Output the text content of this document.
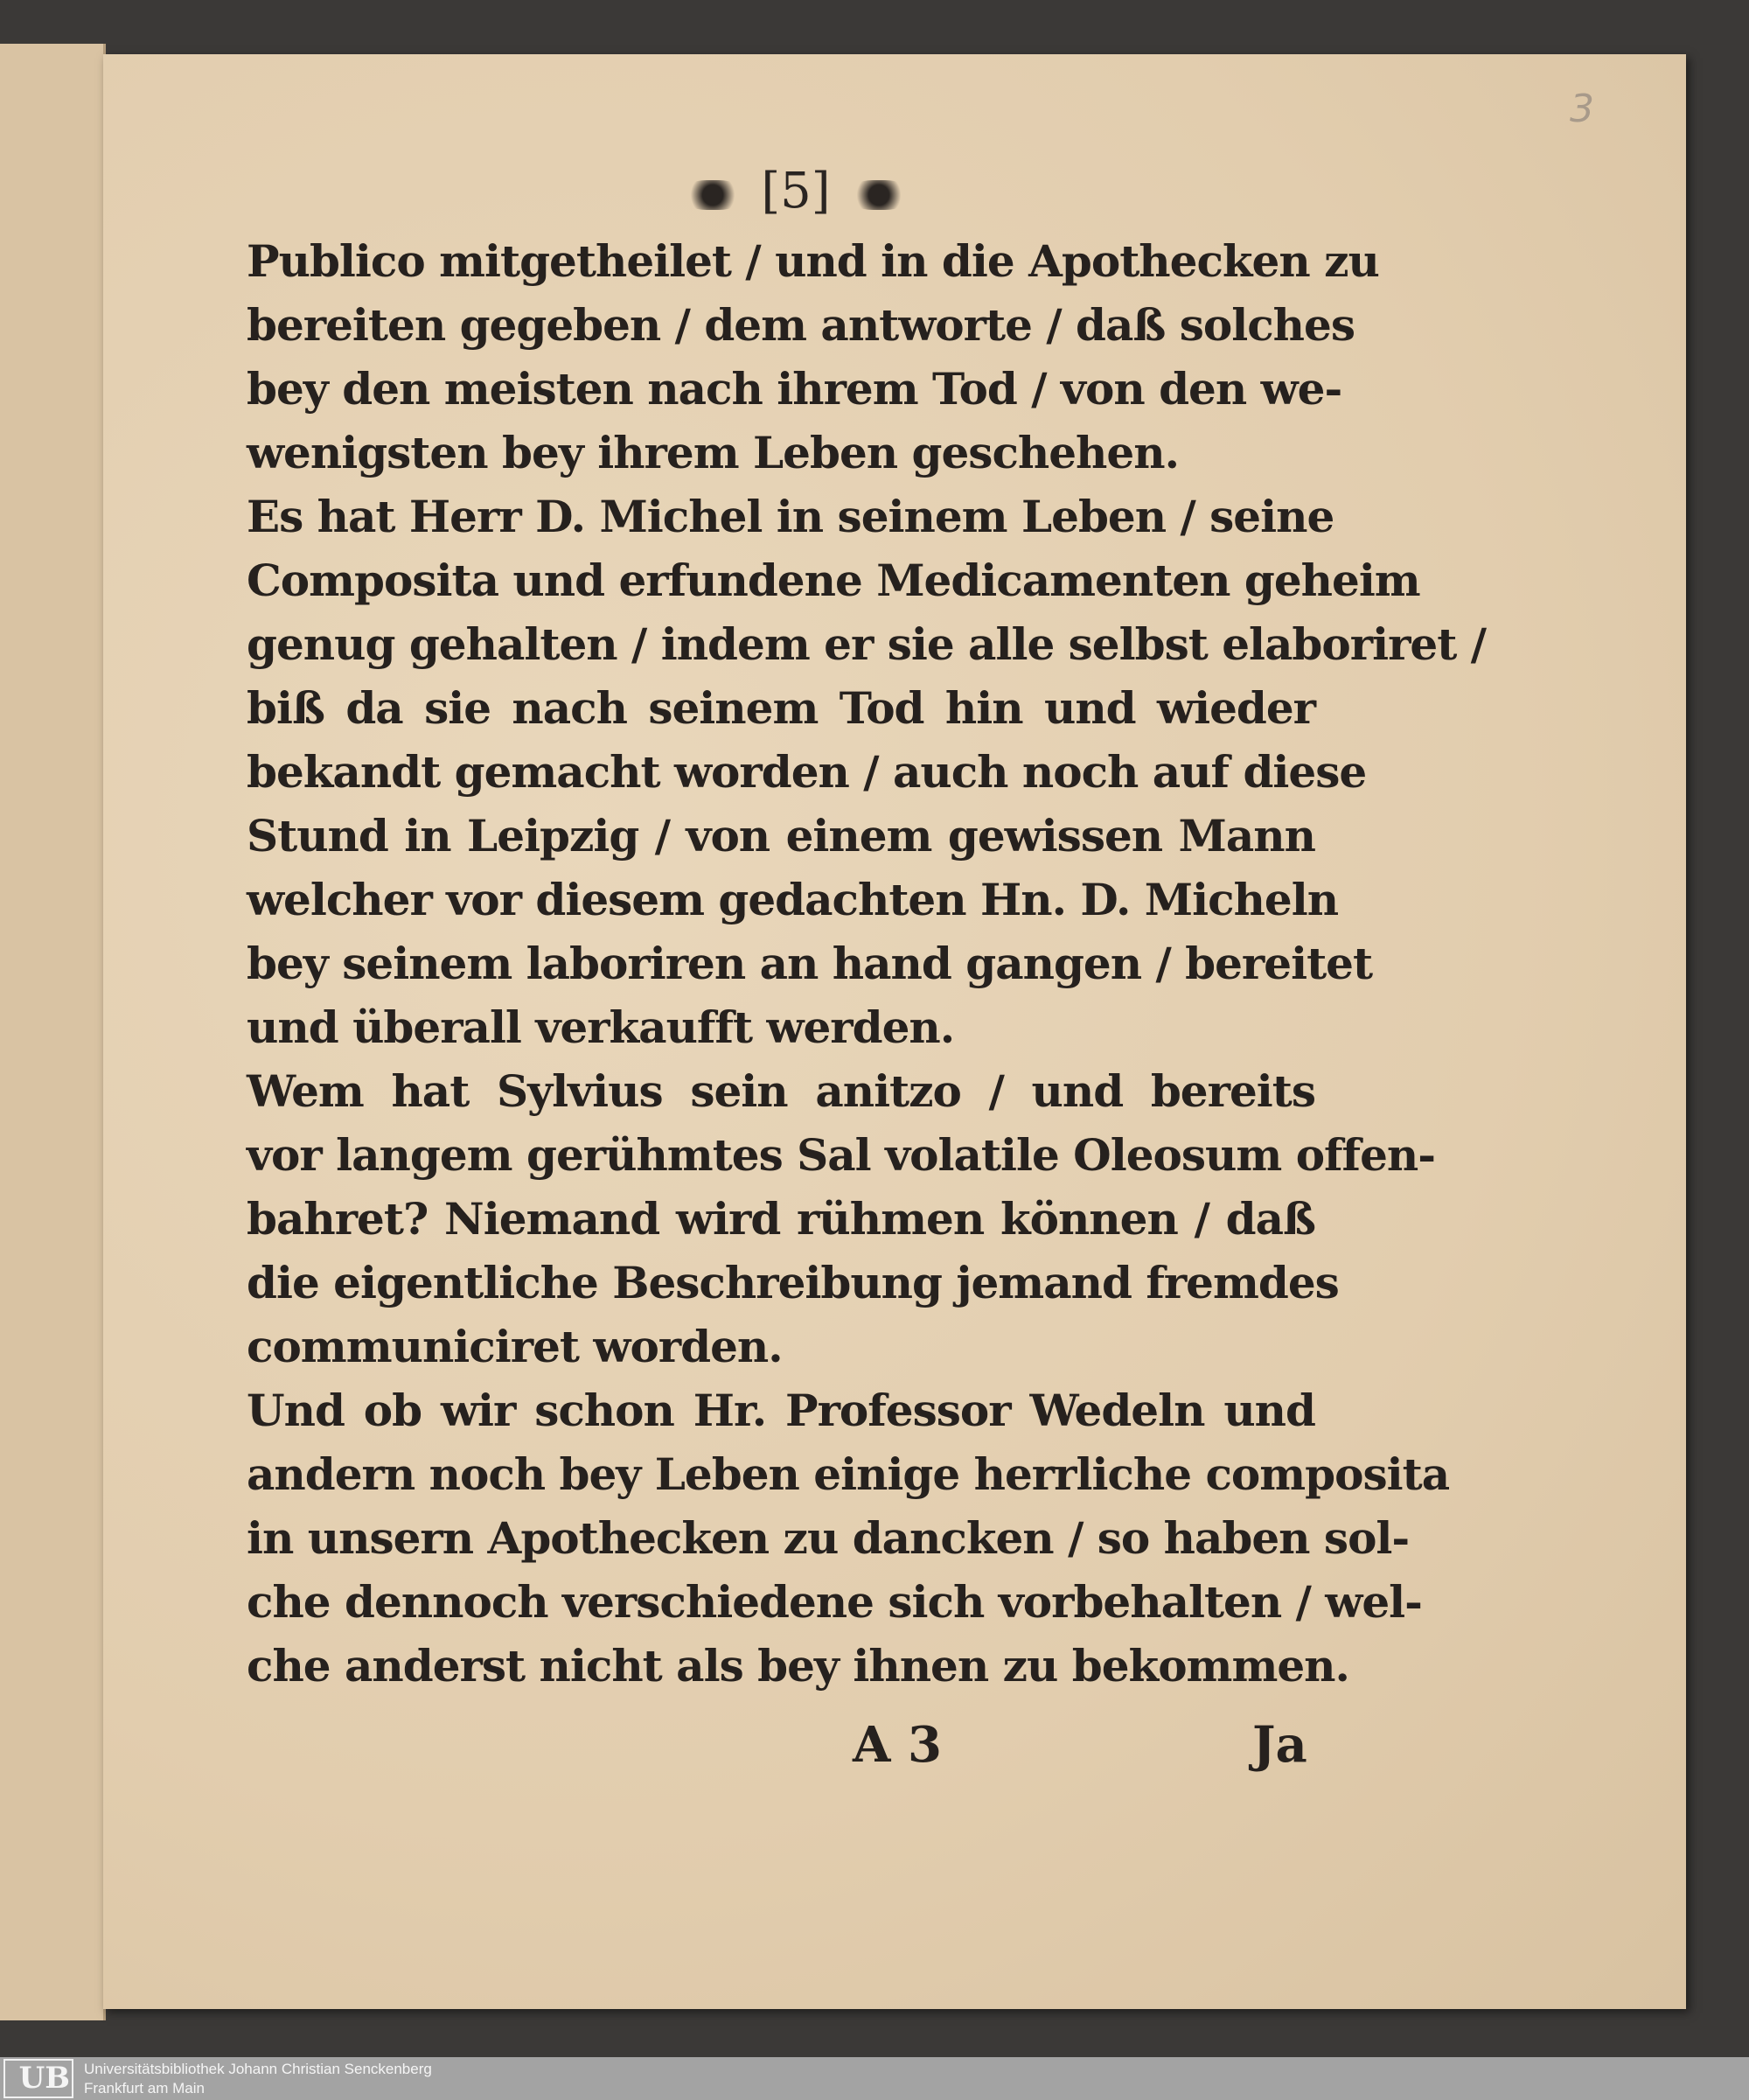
3
[5]
Publico mitgetheilet / und in die Apothecken zu
bereiten gegeben / dem antworte / daß solches
bey den meisten nach ihrem Tod / von den we-
wenigsten bey ihrem Leben geschehen.
Es hat Herr D. Michel in seinem Leben / seine
Composita und erfundene Medicamenten geheim
genug gehalten / indem er sie alle selbst elaboriret /
biß da sie nach seinem Tod hin und wieder
bekandt gemacht worden / auch noch auf diese
Stund in Leipzig / von einem gewissen Mann
welcher vor diesem gedachten Hn. D. Micheln
bey seinem laboriren an hand gangen / bereitet
und überall verkaufft werden.
Wem hat Sylvius sein anitzo / und bereits
vor langem gerühmtes Sal volatile Oleosum offen-
bahret? Niemand wird rühmen können / daß
die eigentliche Beschreibung jemand fremdes
communiciret worden.
Und ob wir schon Hr. Professor Wedeln und
andern noch bey Leben einige herrliche composita
in unsern Apothecken zu dancken / so haben sol-
che dennoch verschiedene sich vorbehalten / wel-
che anderst nicht als bey ihnen zu bekommen.
A 3	Ja
UB Universitätsbibliothek Johann Christian Senckenberg
Frankfurt am Main
